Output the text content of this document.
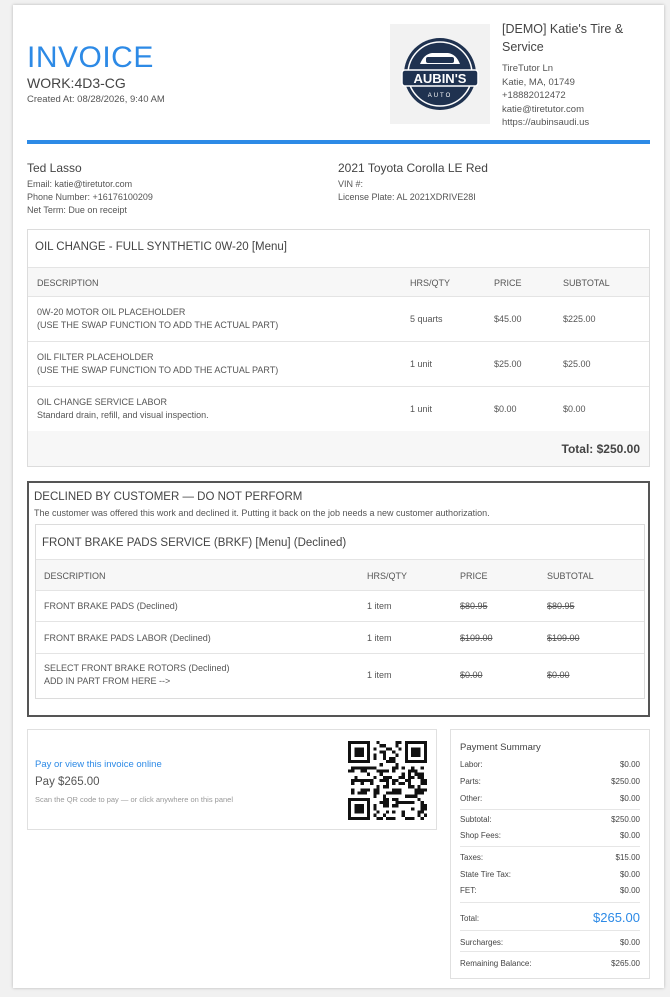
INVOICE
WORK:4D3-CG
Created At: 08/28/2026, 9:40 AM
AUBIN'S
AUTO
[DEMO] Katie's Tire & Service
TireTutor Ln
Katie, MA, 01749
+18882012472
katie@tiretutor.com
https://aubinsaudi.us
Ted Lasso
Email: katie@tiretutor.com
Phone Number: +16176100209
Net Term: Due on receipt
2021 Toyota Corolla LE Red
VIN #:
License Plate: AL 2021XDRIVE28I
OIL CHANGE - FULL SYNTHETIC 0W-20 [Menu]
DESCRIPTION	HRS/QTY	PRICE	SUBTOTAL
0W-20 MOTOR OIL PLACEHOLDER
(USE THE SWAP FUNCTION TO ADD THE ACTUAL PART)
5 quarts	$45.00	$225.00
OIL FILTER PLACEHOLDER
(USE THE SWAP FUNCTION TO ADD THE ACTUAL PART)
1 unit	$25.00	$25.00
OIL CHANGE SERVICE LABOR
Standard drain, refill, and visual inspection.
1 unit	$0.00	$0.00
Total: $250.00
DECLINED BY CUSTOMER — DO NOT PERFORM
The customer was offered this work and declined it. Putting it back on the job needs a new customer authorization.
FRONT BRAKE PADS SERVICE (BRKF) [Menu] (Declined)
DESCRIPTION	HRS/QTY	PRICE	SUBTOTAL
FRONT BRAKE PADS (Declined)	1 item	$80.95	$80.95
FRONT BRAKE PADS LABOR (Declined)	1 item	$109.00	$109.00
SELECT FRONT BRAKE ROTORS (Declined)
ADD IN PART FROM HERE -->
1 item	$0.00	$0.00
Pay or view this invoice online
Pay $265.00
Scan the QR code to pay — or click anywhere on this panel
Payment Summary
Labor:	$0.00
Parts:	$250.00
Other:	$0.00
Subtotal:	$250.00
Shop Fees:	$0.00
Taxes:	$15.00
State Tire Tax:	$0.00
FET:	$0.00
Total:	$265.00
Surcharges:	$0.00
Remaining Balance:	$265.00
